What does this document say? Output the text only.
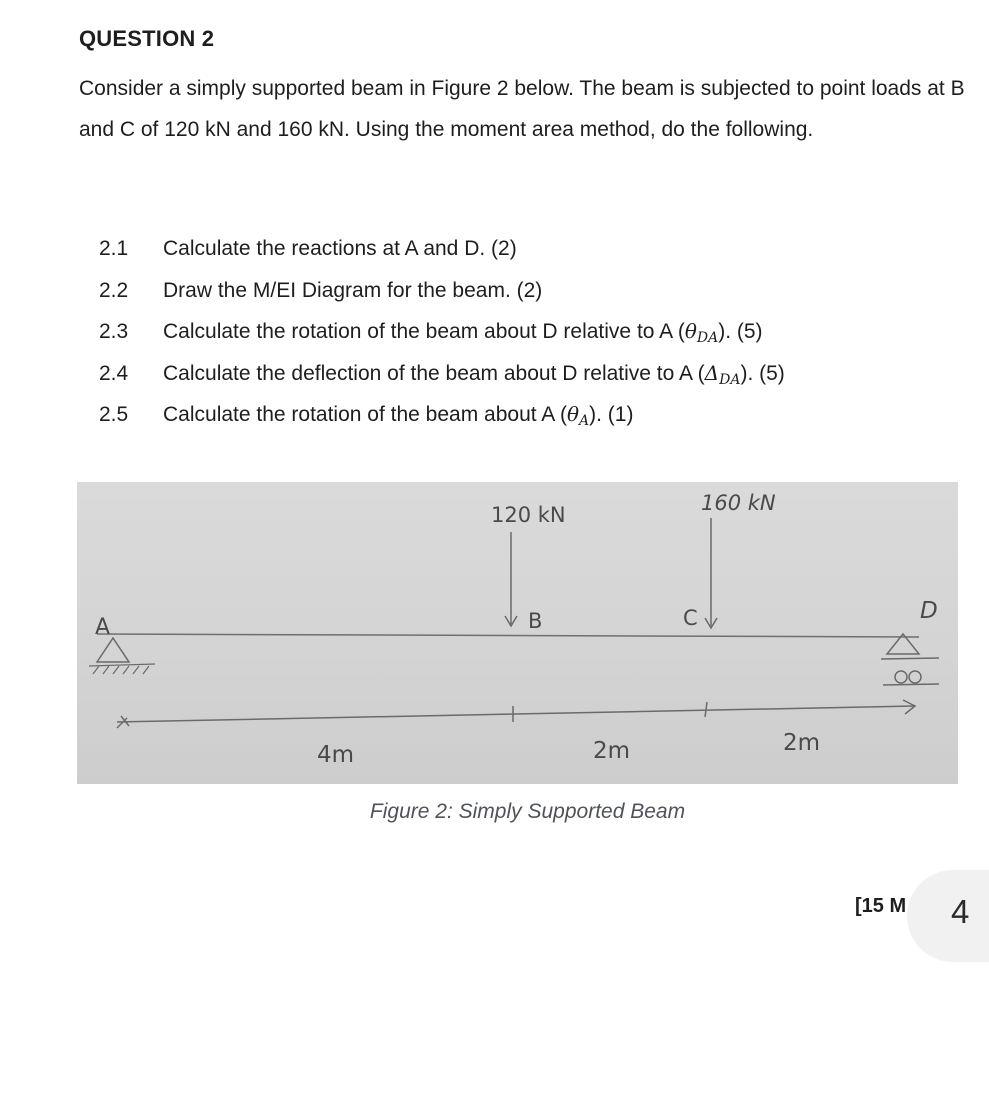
QUESTION 2

Consider a simply supported beam in Figure 2 below. The beam is subjected to point loads at B and C of 120 kN and 160 kN. Using the moment area method, do the following.

2.1 Calculate the reactions at A and D. (2)
2.2 Draw the M/EI Diagram for the beam. (2)
2.3 Calculate the rotation of the beam about D relative to A $(\theta_{DA})$. (5)
2.4 Calculate the deflection of the beam about D relative to A $(\Delta_{DA})$. (5)
2.5 Calculate the rotation of the beam about A $(\theta_A)$. (1)
120 kN	160 kN
A	B	C	D
4m	2m	2m
Figure 2: Simply Supported Beam
[15 M 4
